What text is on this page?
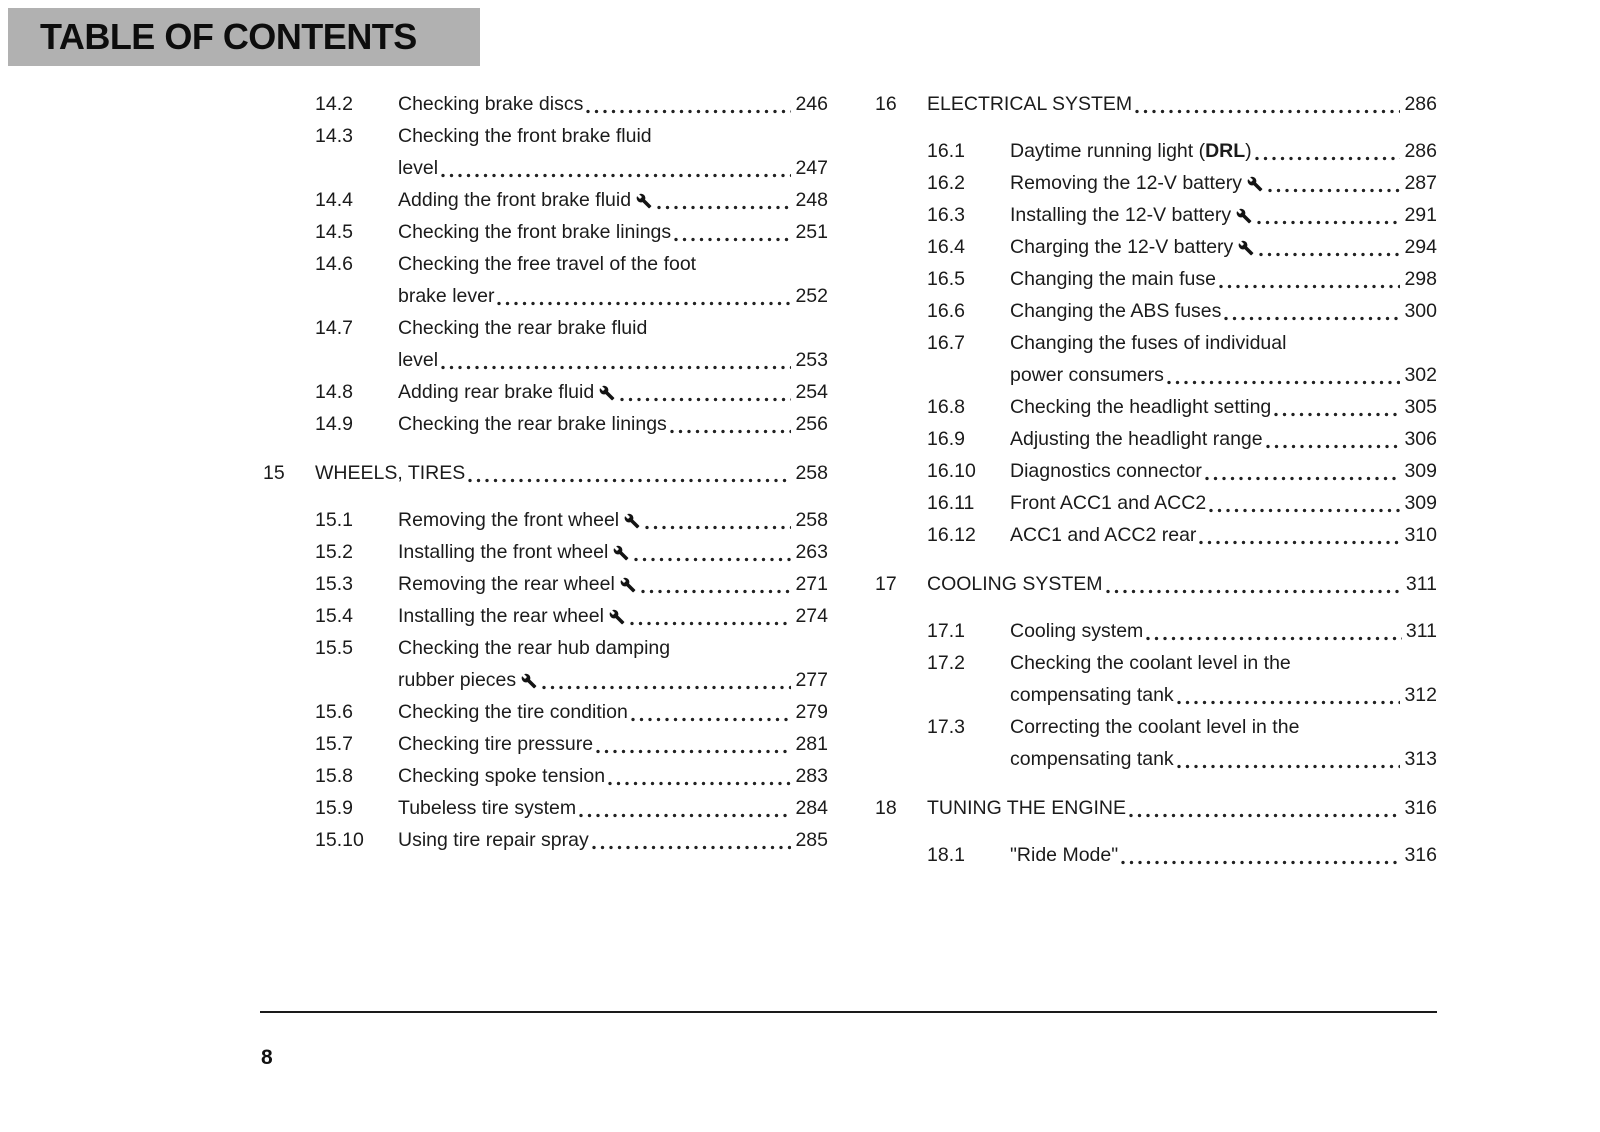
TABLE OF CONTENTS
14.2	Checking brake discs	246
14.3	Checking the front brake fluid
level	247
14.4	Adding the front brake fluid	248
14.5	Checking the front brake linings	251
14.6	Checking the free travel of the foot
brake lever	252
14.7	Checking the rear brake fluid
level	253
14.8	Adding rear brake fluid	254
14.9	Checking the rear brake linings	256
15	WHEELS, TIRES	258
15.1	Removing the front wheel	258
15.2	Installing the front wheel	263
15.3	Removing the rear wheel	271
15.4	Installing the rear wheel	274
15.5	Checking the rear hub damping
rubber pieces	277
15.6	Checking the tire condition	279
15.7	Checking tire pressure	281
15.8	Checking spoke tension	283
15.9	Tubeless tire system	284
15.10	Using tire repair spray	285
16	ELECTRICAL SYSTEM	286
16.1	Daytime running light (DRL)	286
16.2	Removing the 12-V battery	287
16.3	Installing the 12-V battery	291
16.4	Charging the 12-V battery	294
16.5	Changing the main fuse	298
16.6	Changing the ABS fuses	300
16.7	Changing the fuses of individual
power consumers	302
16.8	Checking the headlight setting	305
16.9	Adjusting the headlight range	306
16.10	Diagnostics connector	309
16.11	Front ACC1 and ACC2	309
16.12	ACC1 and ACC2 rear	310
17	COOLING SYSTEM	311
17.1	Cooling system	311
17.2	Checking the coolant level in the
compensating tank	312
17.3	Correcting the coolant level in the
compensating tank	313
18	TUNING THE ENGINE	316
18.1	"Ride Mode"	316
8
